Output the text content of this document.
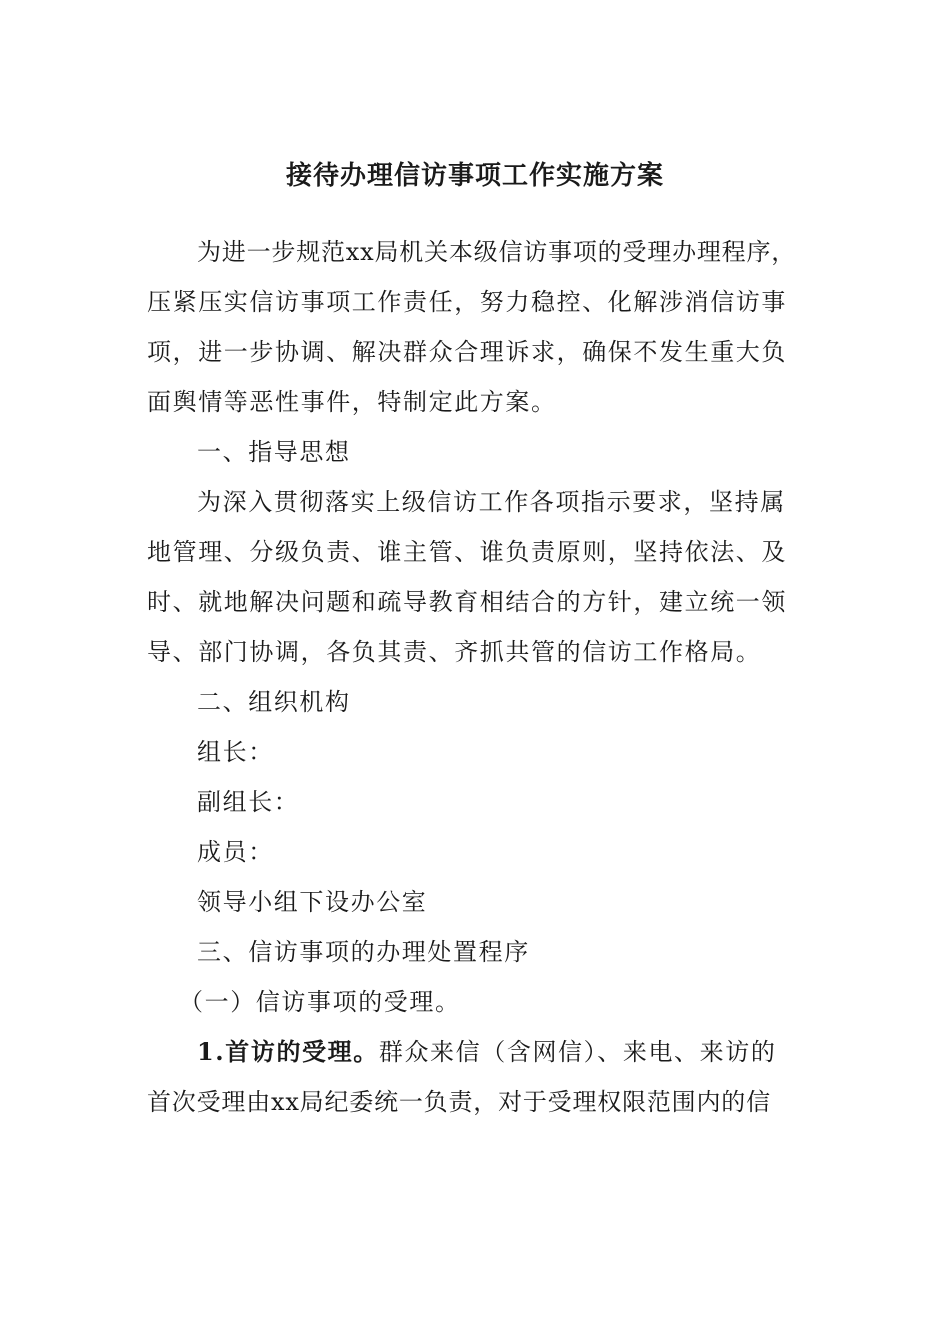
接待办理信访事项工作实施方案
为进一步规范xx局机关本级信访事项的受理办理程序，
压紧压实信访事项工作责任，努力稳控、化解涉消信访事
项，进一步协调、解决群众合理诉求，确保不发生重大负
面舆情等恶性事件，特制定此方案。
一、指导思想
为深入贯彻落实上级信访工作各项指示要求，坚持属
地管理、分级负责、谁主管、谁负责原则，坚持依法、及
时、就地解决问题和疏导教育相结合的方针，建立统一领
导、部门协调，各负其责、齐抓共管的信访工作格局。
二、组织机构
组长：
副组长：
成员：
领导小组下设办公室
三、信访事项的办理处置程序
（一）信访事项的受理。
1.首访的受理。群众来信（含网信）、来电、来访的
首次受理由xx局纪委统一负责，对于受理权限范围内的信
